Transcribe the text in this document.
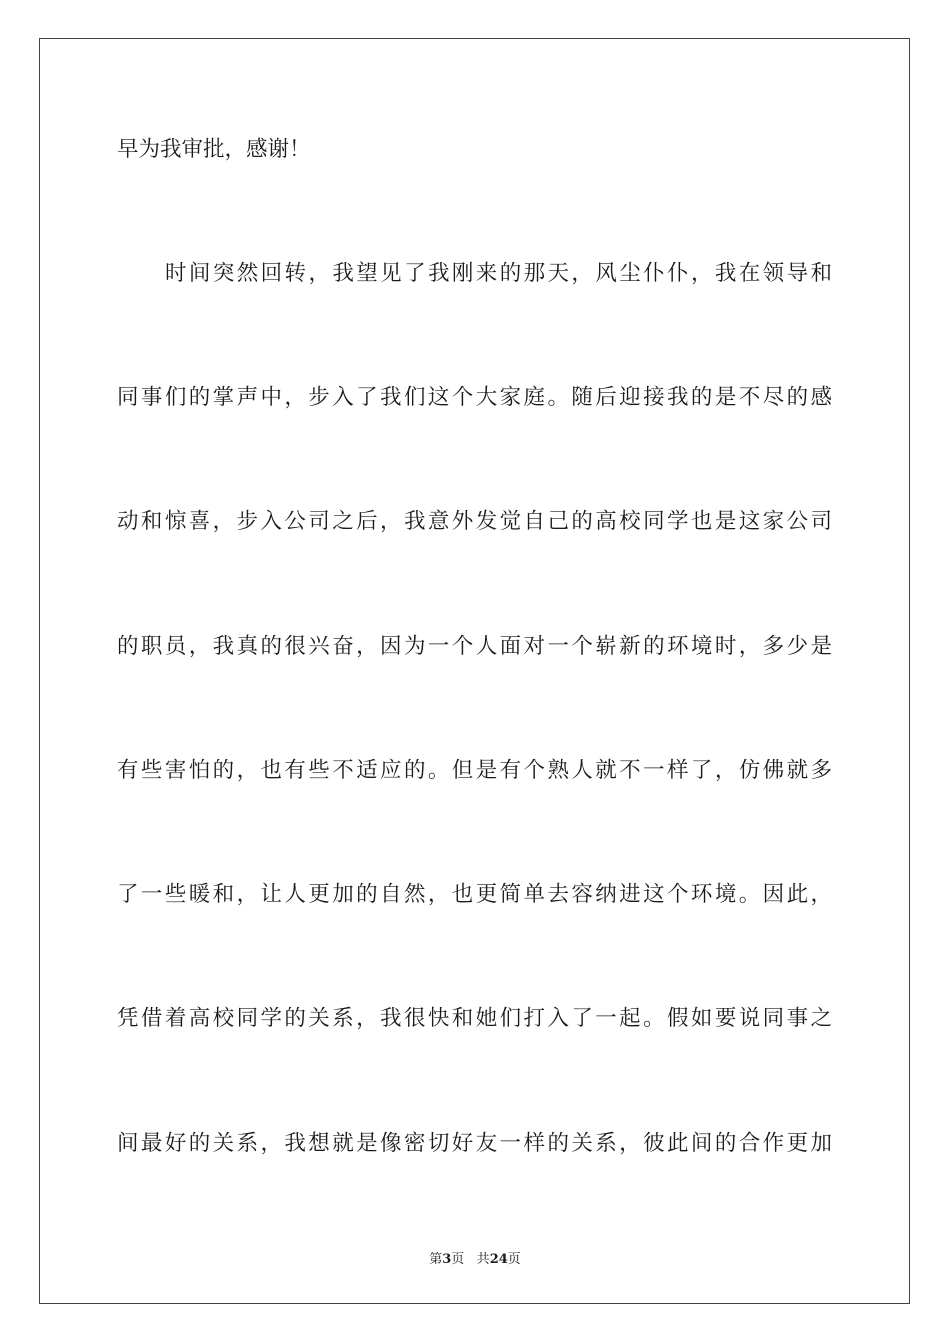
早为我审批，感谢！
时间突然回转，我望见了我刚来的那天，风尘仆仆，我在领导和
同事们的掌声中，步入了我们这个大家庭。随后迎接我的是不尽的感
动和惊喜，步入公司之后，我意外发觉自己的高校同学也是这家公司
的职员，我真的很兴奋，因为一个人面对一个崭新的环境时，多少是
有些害怕的，也有些不适应的。但是有个熟人就不一样了，仿佛就多
了一些暖和，让人更加的自然，也更简单去容纳进这个环境。因此，
凭借着高校同学的关系，我很快和她们打入了一起。假如要说同事之
间最好的关系，我想就是像密切好友一样的关系，彼此间的合作更加
第3页 共24页
